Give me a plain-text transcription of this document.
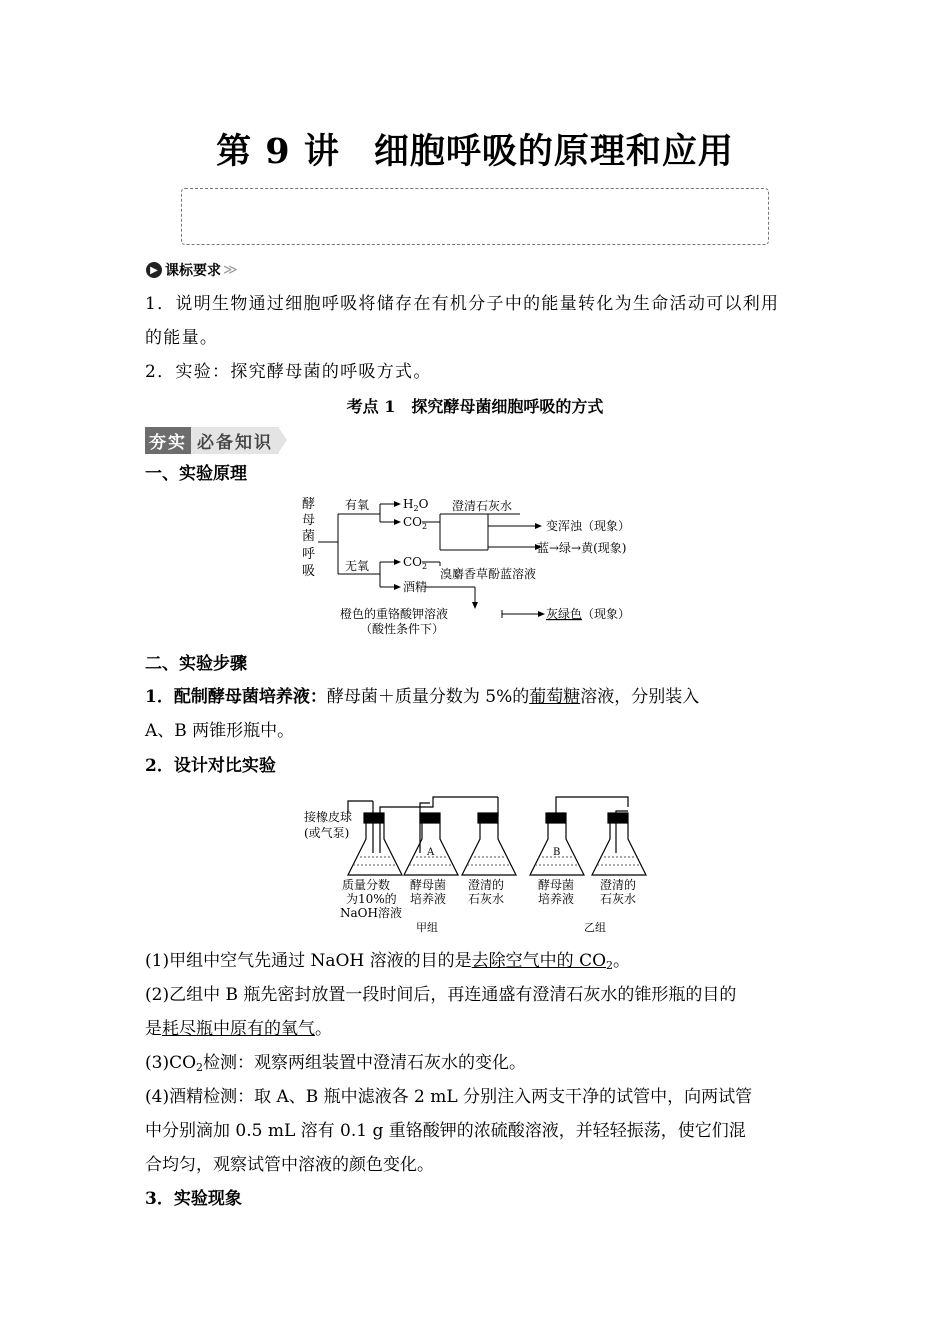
第 9 讲 细胞呼吸的原理和应用
▶ 课标要求 ≫
1．说明生物通过细胞呼吸将储存在有机分子中的能量转化为生命活动可以利用
的能量。
2．实验：探究酵母菌的呼吸方式。
考点 1　探究酵母菌细胞呼吸的方式
夯实 必备知识
一、实验原理
酵
母
菌
呼
吸
有氧
无氧
$H_2O$
$CO_2$
$CO_2$
酒精
澄清石灰水
变浑浊（现象）
蓝→绿→黄(现象)
溴麝香草酚蓝溶液
橙色的重铬酸钾溶液
（酸性条件下）
灰绿色 （现象）
二、实验步骤
1．配制酵母菌培养液：酵母菌＋质量分数为 5%的葡萄糖溶液，分别装入
A、B 两锥形瓶中。
2．设计对比实验
接橡皮球
(或气泵)
A	B
质量分数
为10%的
NaOH溶液
酵母菌
培养液
澄清的
石灰水
酵母菌
培养液
澄清的
石灰水
甲组	乙组
(1)甲组中空气先通过 NaOH 溶液的目的是去除空气中的 $CO_2$。
(2)乙组中 B 瓶先密封放置一段时间后，再连通盛有澄清石灰水的锥形瓶的目的
是耗尽瓶中原有的氧气。
$(3)CO_2$检测：观察两组装置中澄清石灰水的变化。
(4)酒精检测：取 A、B 瓶中滤液各 2 mL 分别注入两支干净的试管中，向两试管
中分别滴加 0.5 mL 溶有 0.1 g 重铬酸钾的浓硫酸溶液，并轻轻振荡，使它们混
合均匀，观察试管中溶液的颜色变化。
3．实验现象
